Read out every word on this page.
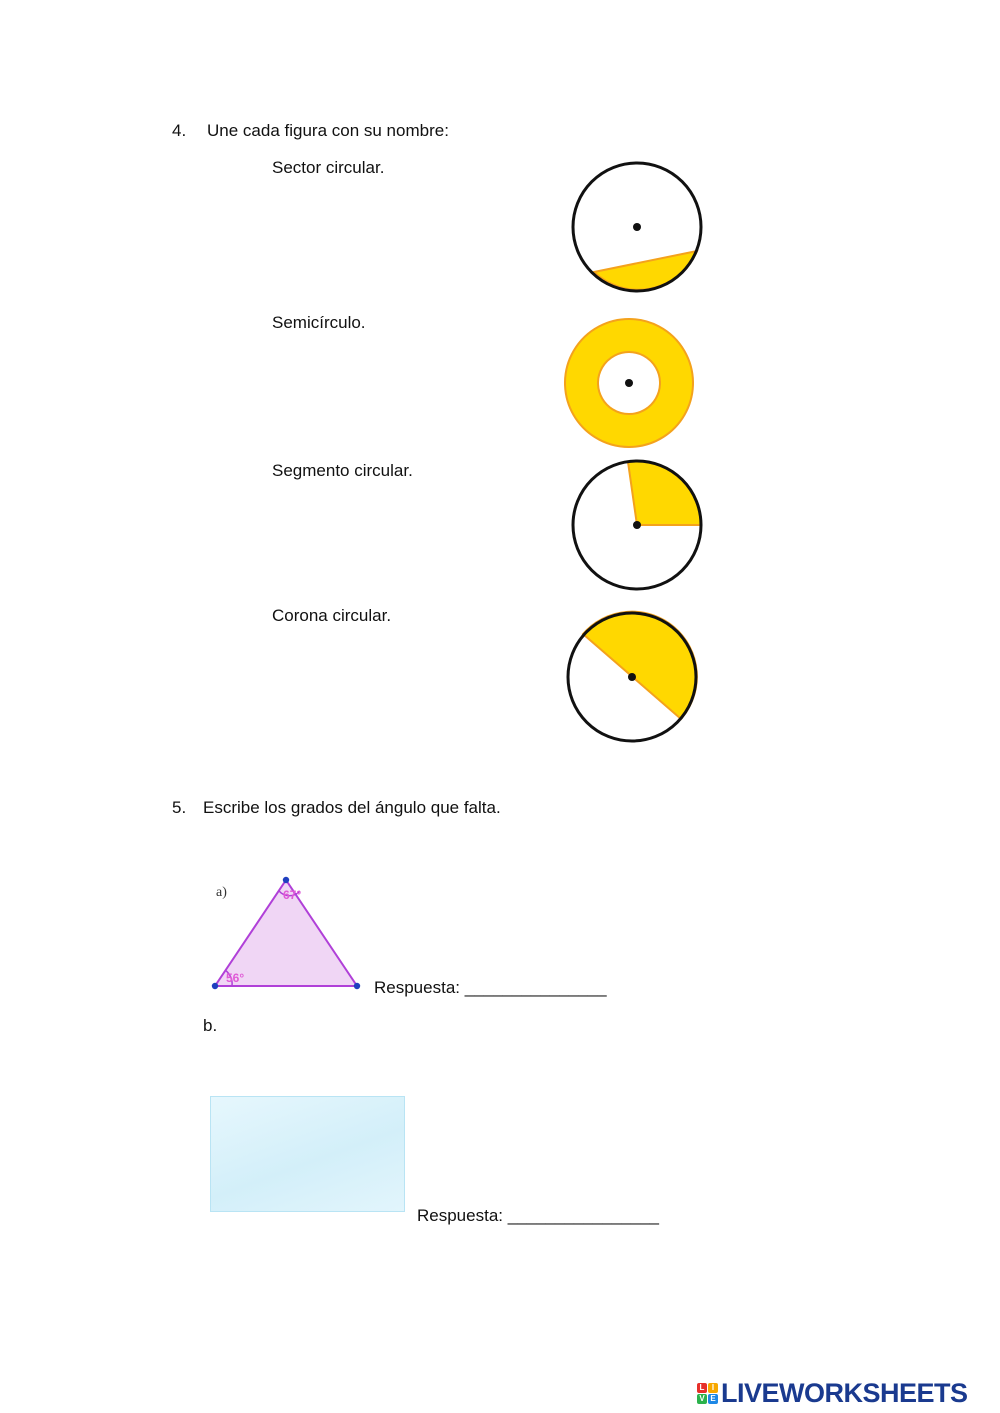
4. Une cada figura con su nombre:
Sector circular.
Semicírculo.
Segmento circular.
Corona circular.
5. Escribe los grados del ángulo que falta.
a)	67°
56°	Respuesta: _______________
b.
Respuesta: ________________
L I
V E LIVEWORKSHEETS
